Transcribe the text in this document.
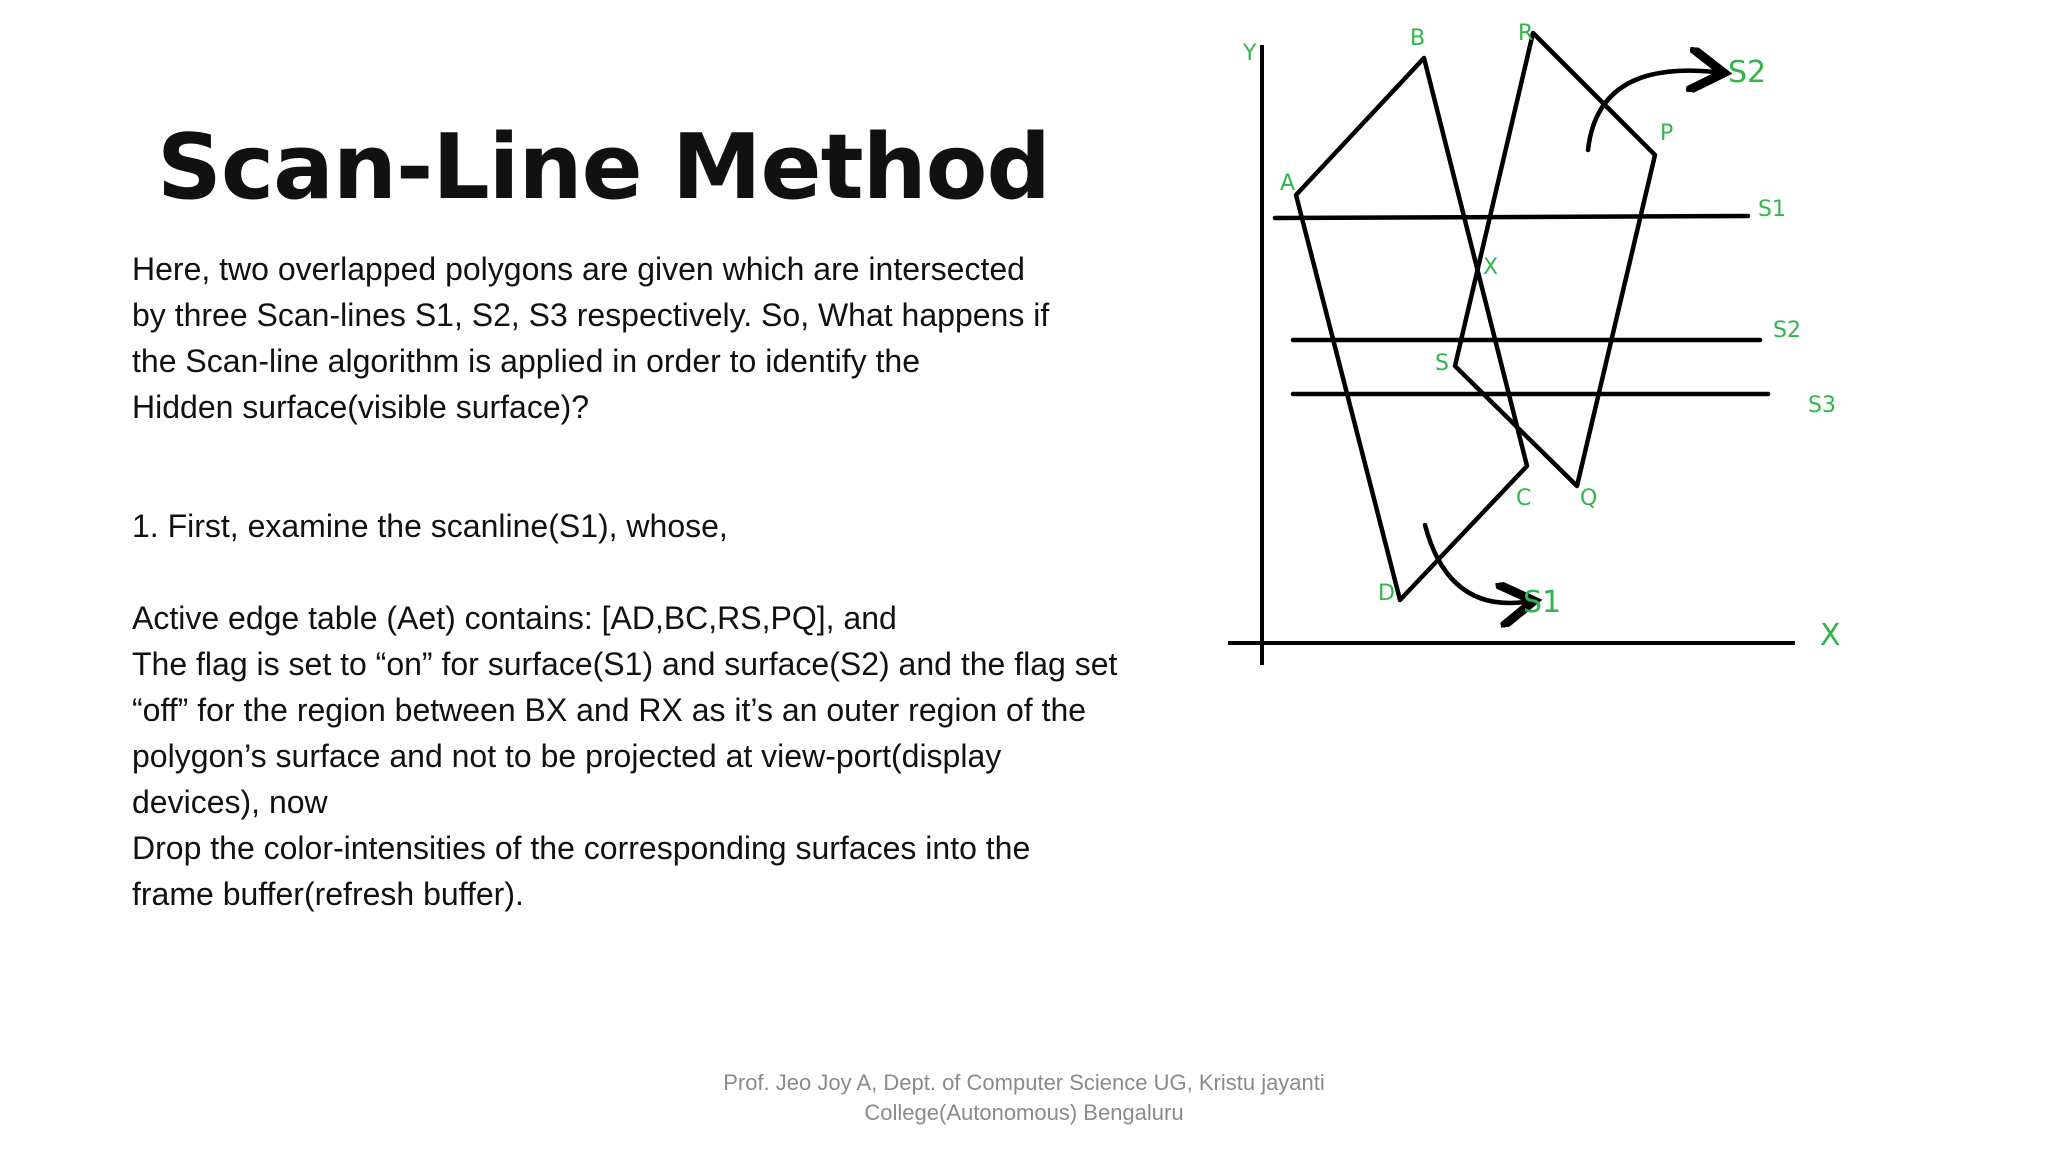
Scan-Line Method

Here, two overlapped polygons are given which are intersected

by three Scan-lines S1, S2, S3 respectively. So, What happens if

the Scan-line algorithm is applied in order to identify the

Hidden surface(visible surface)?

1. First, examine the scanline(S1), whose,

Active edge table (Aet) contains: [AD,BC,RS,PQ], and

The flag is set to “on” for surface(S1) and surface(S2) and the flag set

“off” for the region between BX and RX as it’s an outer region of the

polygon’s surface and not to be projected at view-port(display

devices), now

Drop the color-intensities of the corresponding surfaces into the

frame buffer(refresh buffer).

Y
X
A
B
C
D
R
P
Q
S
X
S1
S2
S3
S2
S1

Prof. Jeo Joy A, Dept. of Computer Science UG, Kristu jayanti

College(Autonomous) Bengaluru
